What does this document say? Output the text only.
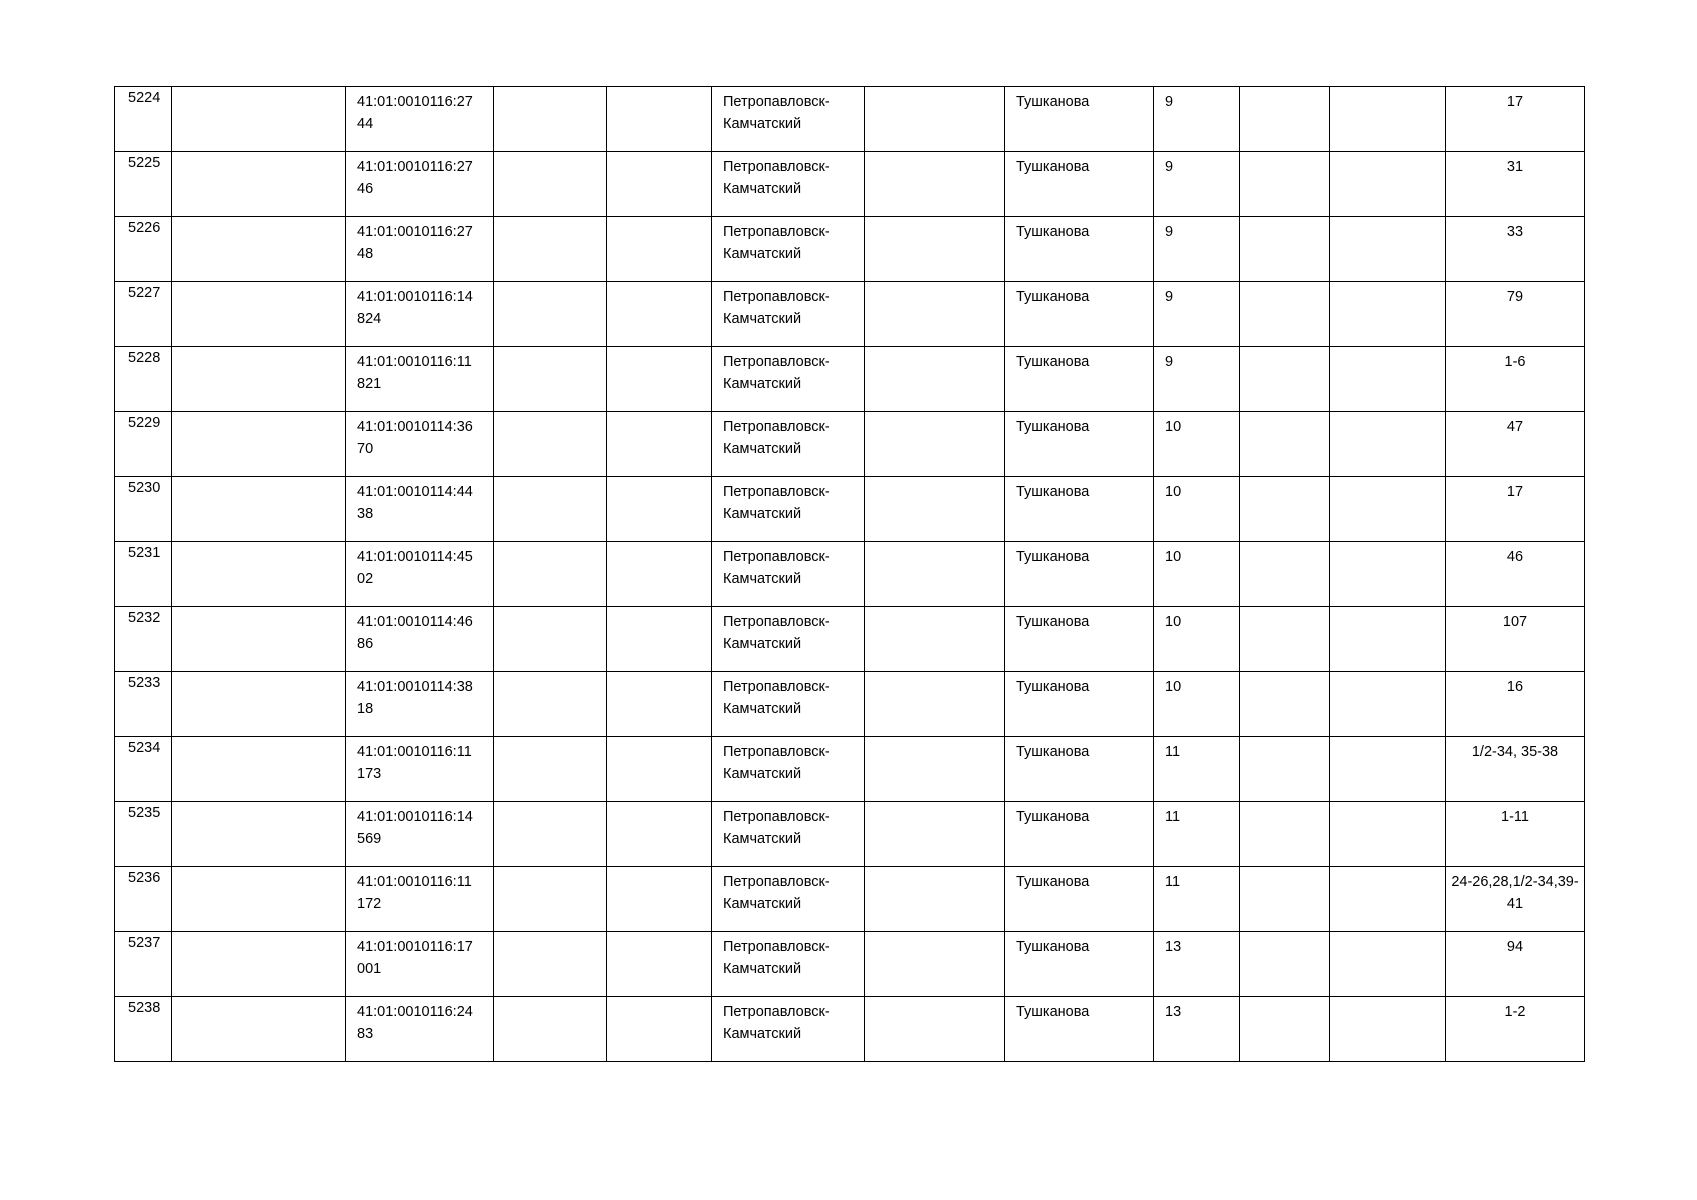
5224		41:01:0010116:2744			Петропавловск-Камчатский		Тушканова	9			17

5225		41:01:0010116:2746			Петропавловск-Камчатский		Тушканова	9			31

5226		41:01:0010116:2748			Петропавловск-Камчатский		Тушканова	9			33

5227		41:01:0010116:14824			Петропавловск-Камчатский		Тушканова	9			79

5228		41:01:0010116:11821			Петропавловск-Камчатский		Тушканова	9			1-6

5229		41:01:0010114:3670			Петропавловск-Камчатский		Тушканова	10			47

5230		41:01:0010114:4438			Петропавловск-Камчатский		Тушканова	10			17

5231		41:01:0010114:4502			Петропавловск-Камчатский		Тушканова	10			46

5232		41:01:0010114:4686			Петропавловск-Камчатский		Тушканова	10			107

5233		41:01:0010114:3818			Петропавловск-Камчатский		Тушканова	10			16

5234		41:01:0010116:11173			Петропавловск-Камчатский		Тушканова	11			1/2-34, 35-38

5235		41:01:0010116:14569			Петропавловск-Камчатский		Тушканова	11			1-11

5236		41:01:0010116:11172			Петропавловск-Камчатский		Тушканова	11			24-26,28,1/2-34,39-41

5237		41:01:0010116:17001			Петропавловск-Камчатский		Тушканова	13			94

5238		41:01:0010116:2483			Петропавловск-Камчатский		Тушканова	13			1-2
